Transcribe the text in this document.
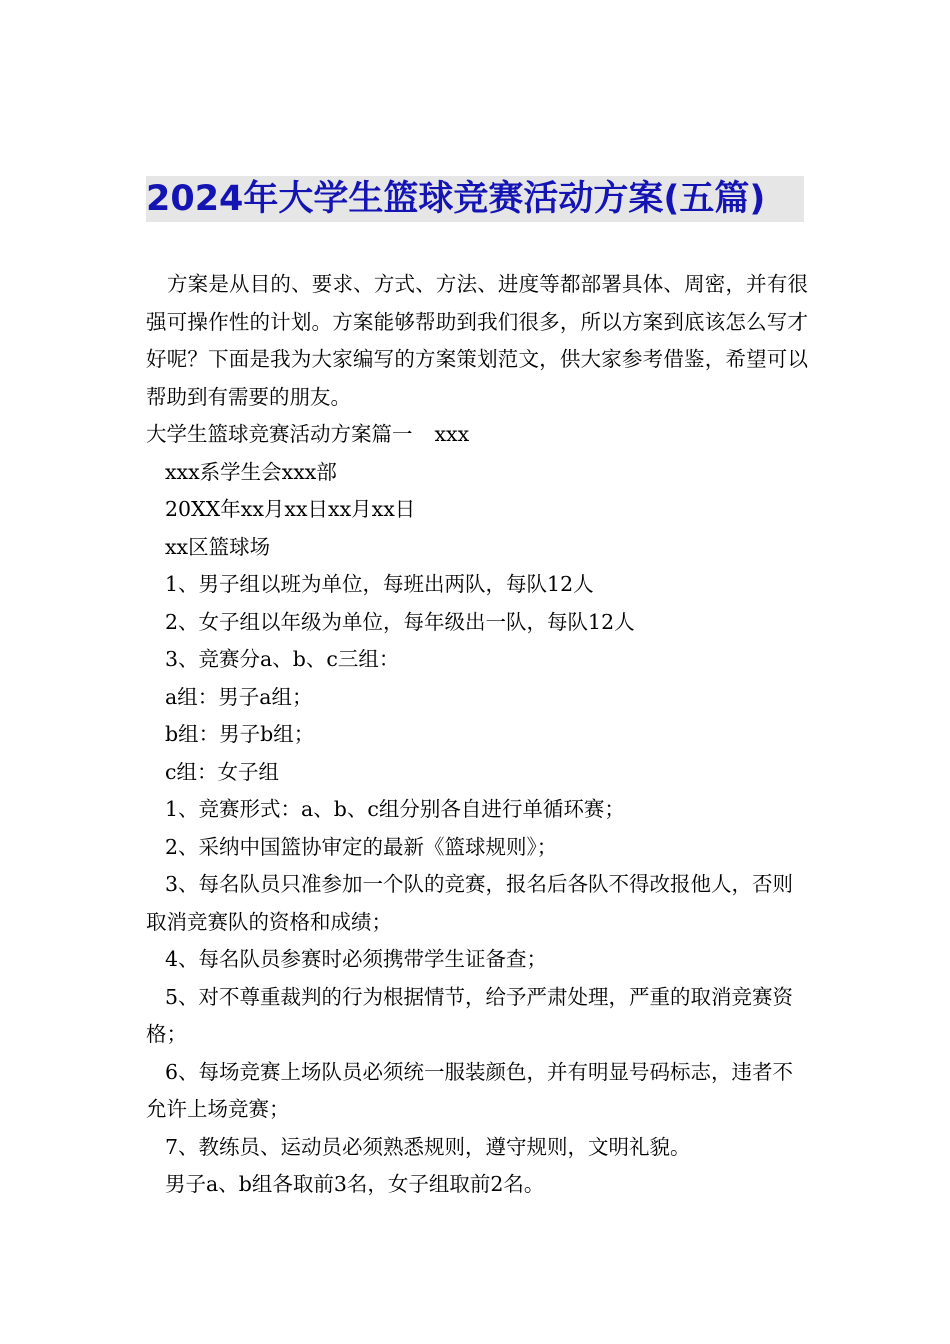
2024年大学生篮球竞赛活动方案(五篇)

方案是从目的、要求、方式、方法、进度等都部署具体、周密，并有很强可操作性的计划。方案能够帮助到我们很多，所以方案到底该怎么写才好呢？下面是我为大家编写的方案策划范文，供大家参考借鉴，希望可以帮助到有需要的朋友。

大学生篮球竞赛活动方案篇一 xxx

xxx系学生会xxx部

20XX年xx月xx日xx月xx日

xx区篮球场

1、男子组以班为单位，每班出两队，每队12人

2、女子组以年级为单位，每年级出一队，每队12人

3、竞赛分a、b、c三组：

a组：男子a组；

b组：男子b组；

c组：女子组

1、竞赛形式：a、b、c组分别各自进行单循环赛；

2、采纳中国篮协审定的最新《篮球规则》；

3、每名队员只准参加一个队的竞赛，报名后各队不得改报他人，否则取消竞赛队的资格和成绩；

4、每名队员参赛时必须携带学生证备查；

5、对不尊重裁判的行为根据情节，给予严肃处理，严重的取消竞赛资格；

6、每场竞赛上场队员必须统一服装颜色，并有明显号码标志，违者不允许上场竞赛；

7、教练员、运动员必须熟悉规则，遵守规则，文明礼貌。

男子a、b组各取前3名，女子组取前2名。
